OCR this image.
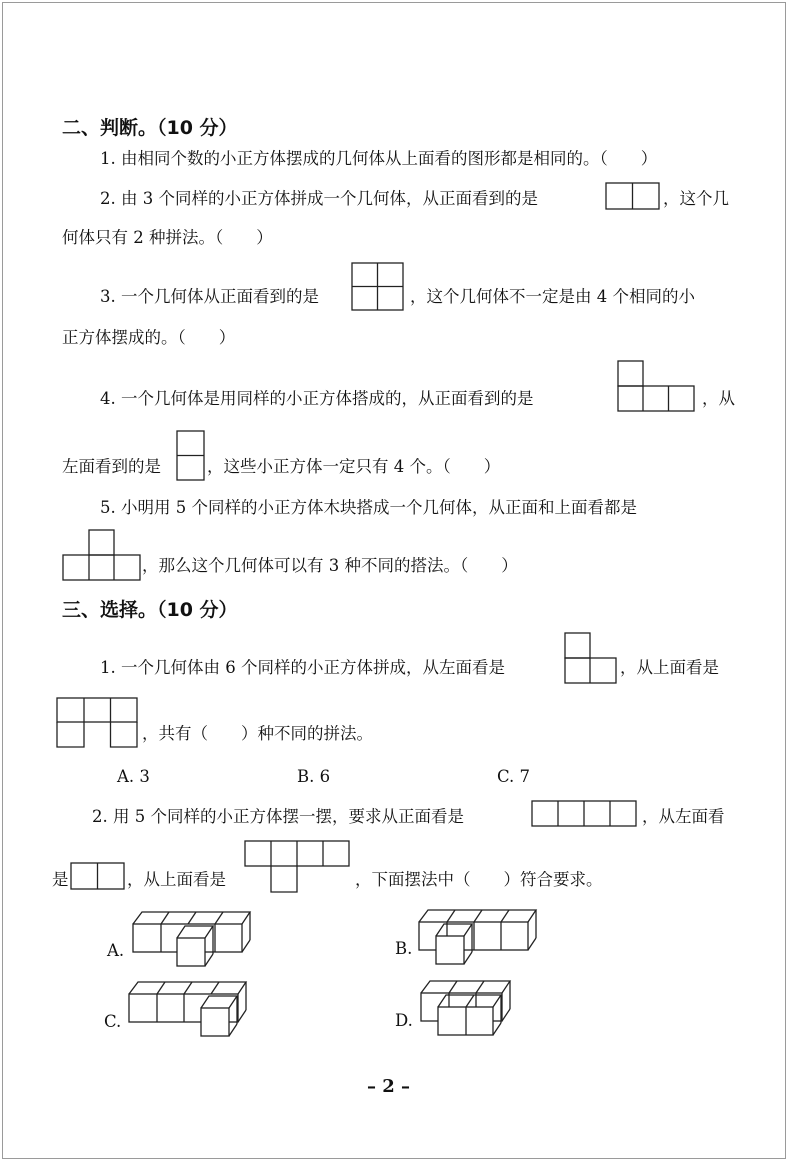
二、判断。（10 分）
1. 由相同个数的小正方体摆成的几何体从上面看的图形都是相同的。（　　）
2. 由 3 个同样的小正方体拼成一个几何体，从正面看到的是	，这个几
何体只有 2 种拼法。（　　）
3. 一个几何体从正面看到的是	，这个几何体不一定是由 4 个相同的小
正方体摆成的。（　　）
4. 一个几何体是用同样的小正方体搭成的，从正面看到的是	，从
左面看到的是	，这些小正方体一定只有 4 个。（　　）
5. 小明用 5 个同样的小正方体木块搭成一个几何体，从正面和上面看都是
，那么这个几何体可以有 3 种不同的搭法。（　　）
三、选择。（10 分）
1. 一个几何体由 6 个同样的小正方体拼成，从左面看是	，从上面看是
，共有（　　）种不同的拼法。
A. 3	B. 6	C. 7
2. 用 5 个同样的小正方体摆一摆，要求从正面看是	，从左面看
是	，从上面看是	，下面摆法中（　　）符合要求。
A.	B.
C.	D.
– 2 –
